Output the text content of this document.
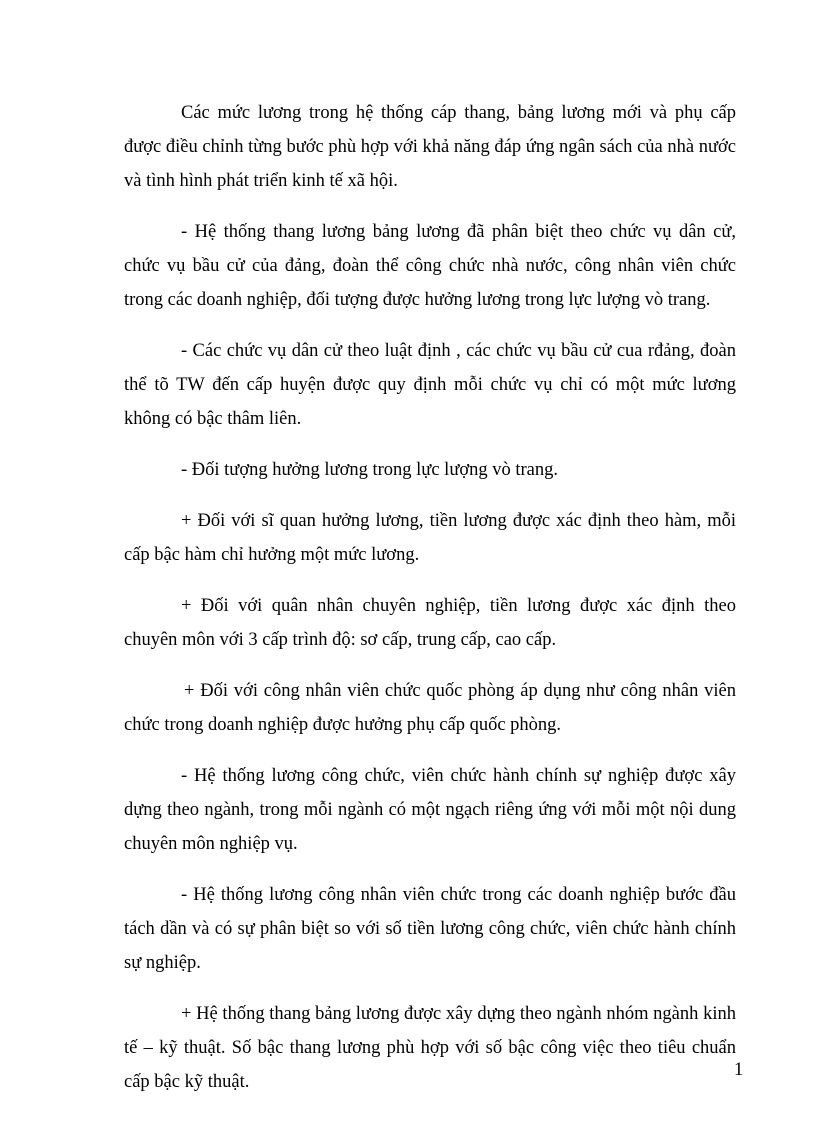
Các mức lương trong hệ thống cáp thang, bảng lương mới và phụ cấp được điều chỉnh từng bước phù hợp với khả năng đáp ứng ngân sách của nhà nước và tình hình phát triển kinh tế xã hội.

- Hệ thống thang lương bảng lương đã phân biệt theo chức vụ dân cử, chức vụ bầu cử của đảng, đoàn thể công chức nhà nước, công nhân viên chức trong các doanh nghiệp, đối tượng được hưởng lương trong lực lượng vò trang.

- Các chức vụ dân cử theo luật định , các chức vụ bầu cử cua rđảng, đoàn thể tõ TW đến cấp huyện được quy định mỗi chức vụ chỉ có một mức lương không có bậc thâm liên.

- Đối tượng hưởng lương trong lực lượng vò trang.

+ Đối với sĩ quan hưởng lương, tiền lương được xác định theo hàm, mỗi cấp bậc hàm chỉ hưởng một mức lương.

+ Đối với quân nhân chuyên nghiệp, tiền lương được xác định theo chuyên môn với 3 cấp trình độ: sơ cấp, trung cấp, cao cấp.

+ Đối với công nhân viên chức quốc phòng áp dụng như công nhân viên chức trong doanh nghiệp được hưởng phụ cấp quốc phòng.

- Hệ thống lương công chức, viên chức hành chính sự nghiệp được xây dựng theo ngành, trong mỗi ngành có một ngạch riêng ứng với mỗi một nội dung chuyên môn nghiệp vụ.

- Hệ thống lương công nhân viên chức trong các doanh nghiệp bước đầu tách dần và có sự phân biệt so với số tiền lương công chức, viên chức hành chính sự nghiệp.

+ Hệ thống thang bảng lương được xây dựng theo ngành nhóm ngành kinh tế – kỹ thuật. Số bậc thang lương phù hợp với số bậc công việc theo tiêu chuẩn cấp bậc kỹ thuật.

1
